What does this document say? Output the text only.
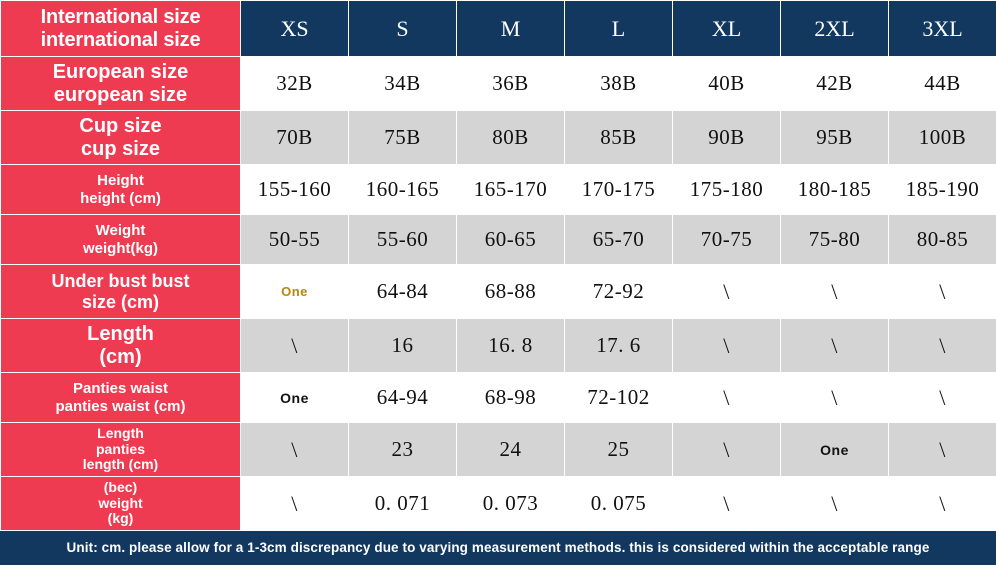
International size
international size	XS	S	M	L	XL	2XL	3XL

European size
european size	32B	34B	36B	38B	40B	42B	44B

Cup size
cup size	70B	75B	80B	85B	90B	95B	100B

Height
height (cm)	155-160	160-165	165-170	170-175	175-180	180-185	185-190

Weight
weight(kg)	50-55	55-60	60-65	65-70	70-75	75-80	80-85

Under bust bust
size (cm)	One	64-84	68-88	72-92	\	\	\

Length
(cm)	\	16	16. 8	17. 6	\	\	\

Panties waist
panties waist (cm)	One	64-94	68-98	72-102	\	\	\

Length
panties
length (cm)	\	23	24	25	\	One	\

(bec)
weight
(kg)	\	0. 071	0. 073	0. 075	\	\	\
Unit: cm. please allow for a 1-3cm discrepancy due to varying measurement methods. this is considered within the acceptable range
